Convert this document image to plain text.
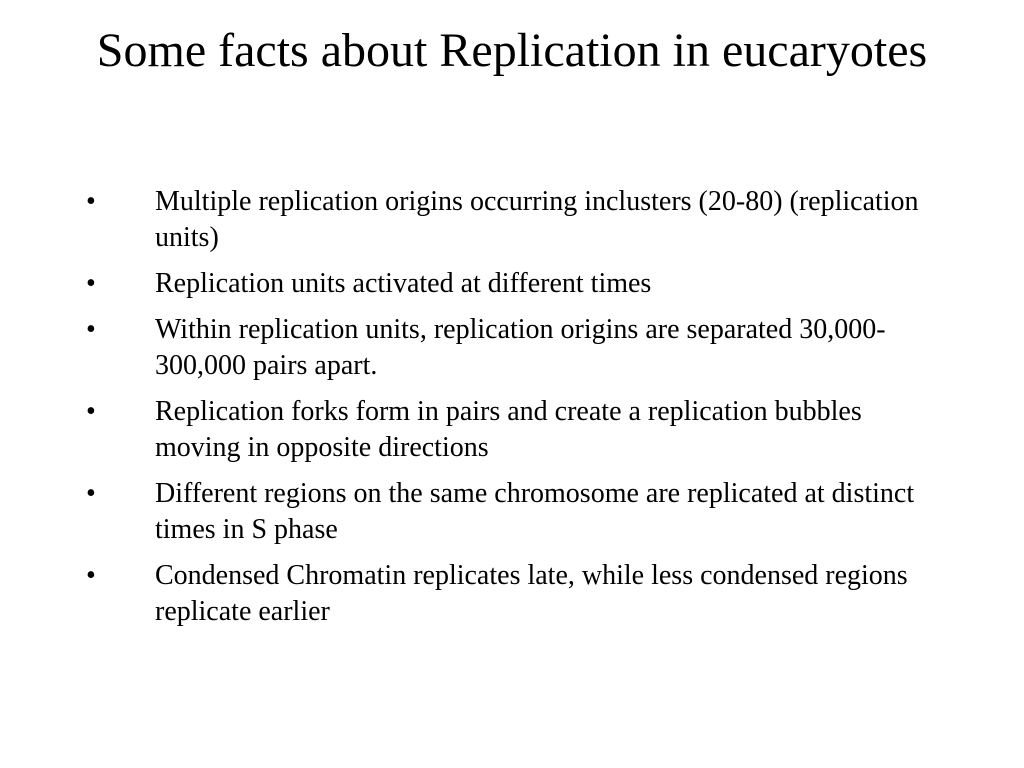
Some facts about Replication in eucaryotes
• Multiple replication origins occurring inclusters (20-80) (replication units)
• Replication units activated at different times
• Within replication units, replication origins are separated 30,000-300,000 pairs apart.
• Replication forks form in pairs and create a replication bubbles moving in opposite directions
• Different regions on the same chromosome are replicated at distinct times in S phase
• Condensed Chromatin replicates late, while less condensed regions replicate earlier
